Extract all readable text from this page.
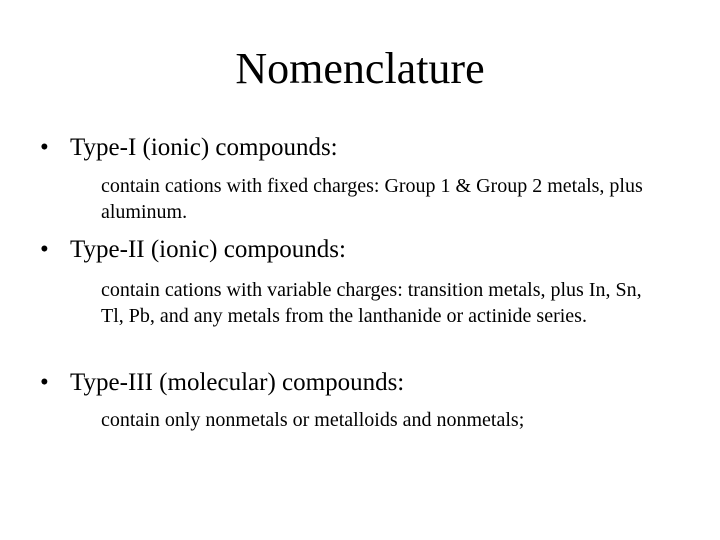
Nomenclature
• Type-I (ionic) compounds:
contain cations with fixed charges: Group 1 & Group 2 metals, plus aluminum.
• Type-II (ionic) compounds:
contain cations with variable charges: transition metals, plus In, Sn, Tl, Pb, and any metals from the lanthanide or actinide series.
• Type-III (molecular) compounds:
contain only nonmetals or metalloids and nonmetals;
